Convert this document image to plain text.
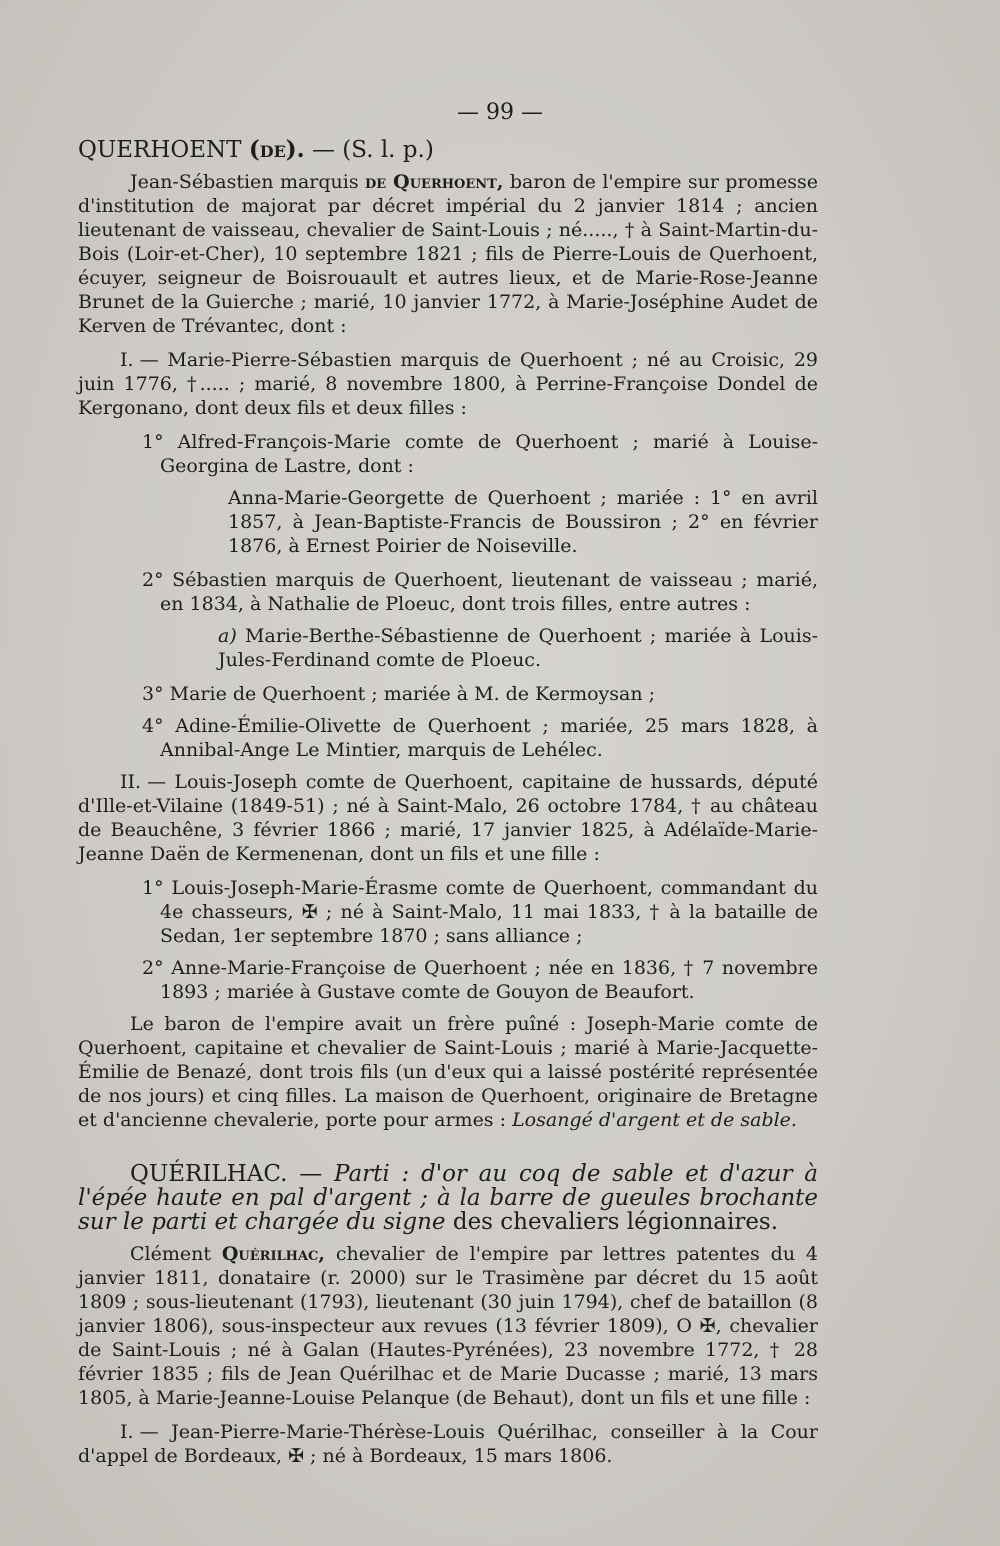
— 99 —

QUERHOENT (de). — (S. l. p.)

Jean-Sébastien marquis de Querhoent, baron de l'empire sur promesse d'institution de majorat par décret impérial du 2 janvier 1814 ; ancien lieutenant de vaisseau, chevalier de Saint-Louis ; né....., † à Saint-Martin-du-Bois (Loir-et-Cher), 10 septembre 1821 ; fils de Pierre-Louis de Querhoent, écuyer, seigneur de Boisrouault et autres lieux, et de Marie-Rose-Jeanne Brunet de la Guierche ; marié, 10 janvier 1772, à Marie-Joséphine Audet de Kerven de Trévantec, dont :

I. — Marie-Pierre-Sébastien marquis de Querhoent ; né au Croisic, 29 juin 1776, †..... ; marié, 8 novembre 1800, à Perrine-Françoise Dondel de Kergonano, dont deux fils et deux filles :

1° Alfred-François-Marie comte de Querhoent ; marié à Louise-Georgina de Lastre, dont :

Anna-Marie-Georgette de Querhoent ; mariée : 1° en avril 1857, à Jean-Baptiste-Francis de Boussiron ; 2° en février 1876, à Ernest Poirier de Noiseville.

2° Sébastien marquis de Querhoent, lieutenant de vaisseau ; marié, en 1834, à Nathalie de Ploeuc, dont trois filles, entre autres :

a) Marie-Berthe-Sébastienne de Querhoent ; mariée à Louis-Jules-Ferdinand comte de Ploeuc.

3° Marie de Querhoent ; mariée à M. de Kermoysan ;

4° Adine-Émilie-Olivette de Querhoent ; mariée, 25 mars 1828, à Annibal-Ange Le Mintier, marquis de Lehélec.

II. — Louis-Joseph comte de Querhoent, capitaine de hussards, député d'Ille-et-Vilaine (1849-51) ; né à Saint-Malo, 26 octobre 1784, † au château de Beauchêne, 3 février 1866 ; marié, 17 janvier 1825, à Adélaïde-Marie-Jeanne Daën de Kermenenan, dont un fils et une fille :

1° Louis-Joseph-Marie-Érasme comte de Querhoent, commandant du 4e chasseurs, ✠ ; né à Saint-Malo, 11 mai 1833, † à la bataille de Sedan, 1er septembre 1870 ; sans alliance ;

2° Anne-Marie-Françoise de Querhoent ; née en 1836, † 7 novembre 1893 ; mariée à Gustave comte de Gouyon de Beaufort.

Le baron de l'empire avait un frère puîné : Joseph-Marie comte de Querhoent, capitaine et chevalier de Saint-Louis ; marié à Marie-Jacquette-Émilie de Benazé, dont trois fils (un d'eux qui a laissé postérité représentée de nos jours) et cinq filles. La maison de Querhoent, originaire de Bretagne et d'ancienne chevalerie, porte pour armes : Losangé d'argent et de sable.

QUÉRILHAC. — Parti : d'or au coq de sable et d'azur à l'épée haute en pal d'argent ; à la barre de gueules brochante sur le parti et chargée du signe des chevaliers légionnaires.

Clément Quérilhac, chevalier de l'empire par lettres patentes du 4 janvier 1811, donataire (r. 2000) sur le Trasimène par décret du 15 août 1809 ; sous-lieutenant (1793), lieutenant (30 juin 1794), chef de bataillon (8 janvier 1806), sous-inspecteur aux revues (13 février 1809), O ✠, chevalier de Saint-Louis ; né à Galan (Hautes-Pyrénées), 23 novembre 1772, † 28 février 1835 ; fils de Jean Quérilhac et de Marie Ducasse ; marié, 13 mars 1805, à Marie-Jeanne-Louise Pelanque (de Behaut), dont un fils et une fille :

I. — Jean-Pierre-Marie-Thérèse-Louis Quérilhac, conseiller à la Cour d'appel de Bordeaux, ✠ ; né à Bordeaux, 15 mars 1806.
